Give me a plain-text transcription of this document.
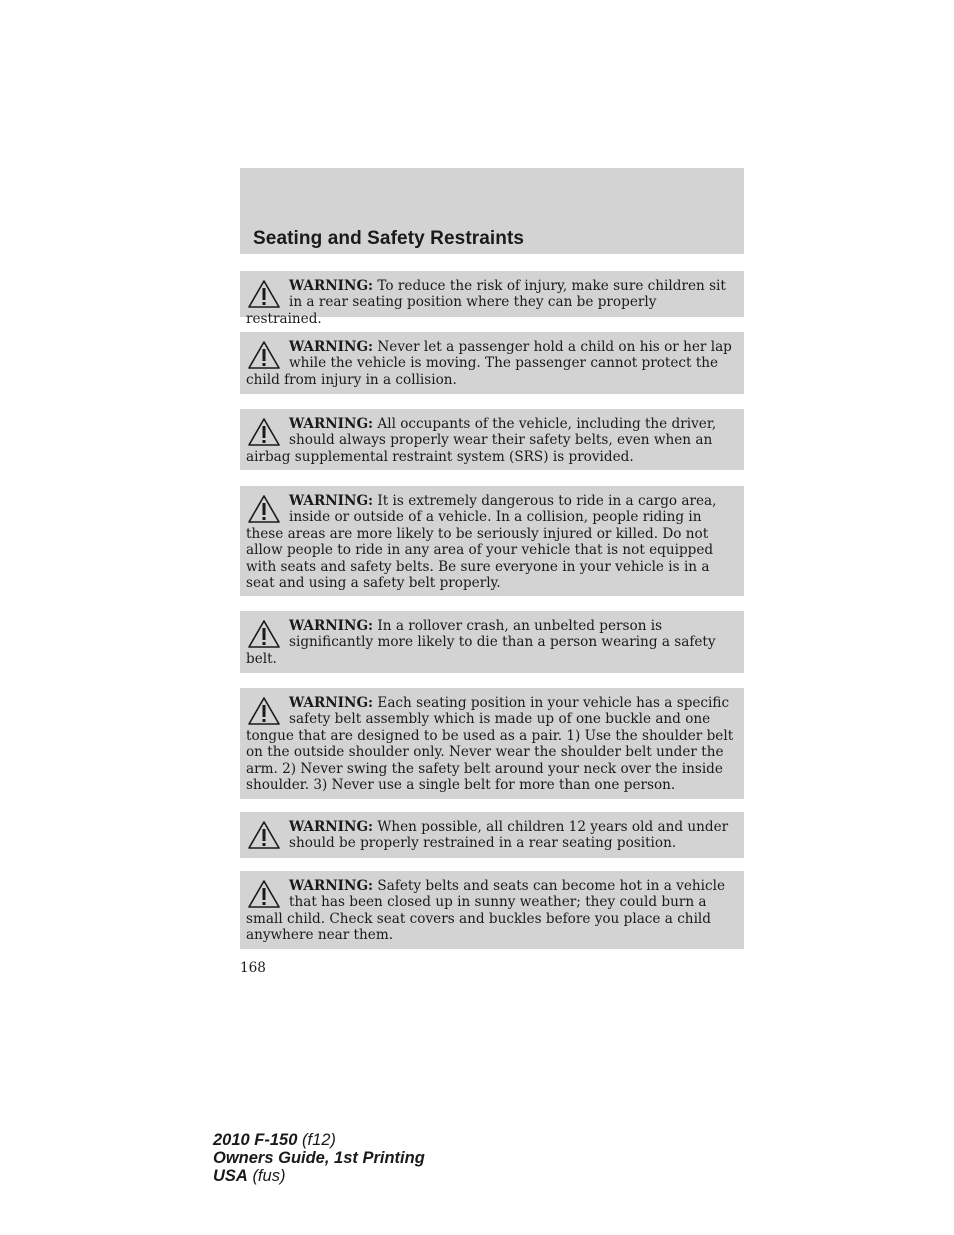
Seating and Safety Restraints

WARNING: To reduce the risk of injury, make sure children sit in a rear seating position where they can be properly restrained.

WARNING: Never let a passenger hold a child on his or her lap while the vehicle is moving. The passenger cannot protect the child from injury in a collision.

WARNING: All occupants of the vehicle, including the driver, should always properly wear their safety belts, even when an airbag supplemental restraint system (SRS) is provided.

WARNING: It is extremely dangerous to ride in a cargo area, inside or outside of a vehicle. In a collision, people riding in these areas are more likely to be seriously injured or killed. Do not allow people to ride in any area of your vehicle that is not equipped with seats and safety belts. Be sure everyone in your vehicle is in a seat and using a safety belt properly.

WARNING: In a rollover crash, an unbelted person is significantly more likely to die than a person wearing a safety belt.

WARNING: Each seating position in your vehicle has a specific safety belt assembly which is made up of one buckle and one tongue that are designed to be used as a pair. 1) Use the shoulder belt on the outside shoulder only. Never wear the shoulder belt under the arm. 2) Never swing the safety belt around your neck over the inside shoulder. 3) Never use a single belt for more than one person.

WARNING: When possible, all children 12 years old and under should be properly restrained in a rear seating position.

WARNING: Safety belts and seats can become hot in a vehicle that has been closed up in sunny weather; they could burn a small child. Check seat covers and buckles before you place a child anywhere near them.

168
2010 F-150 (f12)
Owners Guide, 1st Printing
USA (fus)
